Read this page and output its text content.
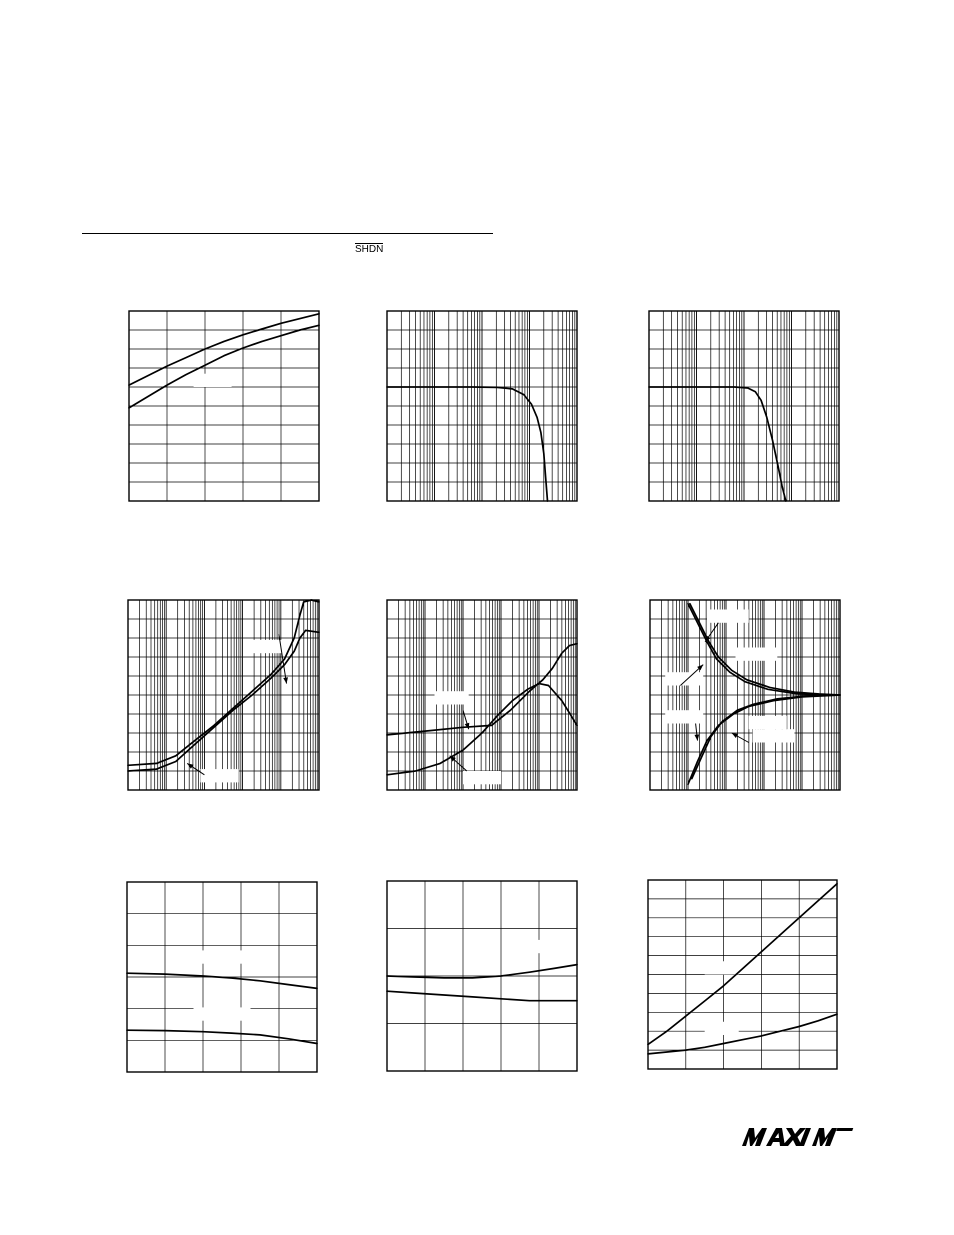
SHDN
